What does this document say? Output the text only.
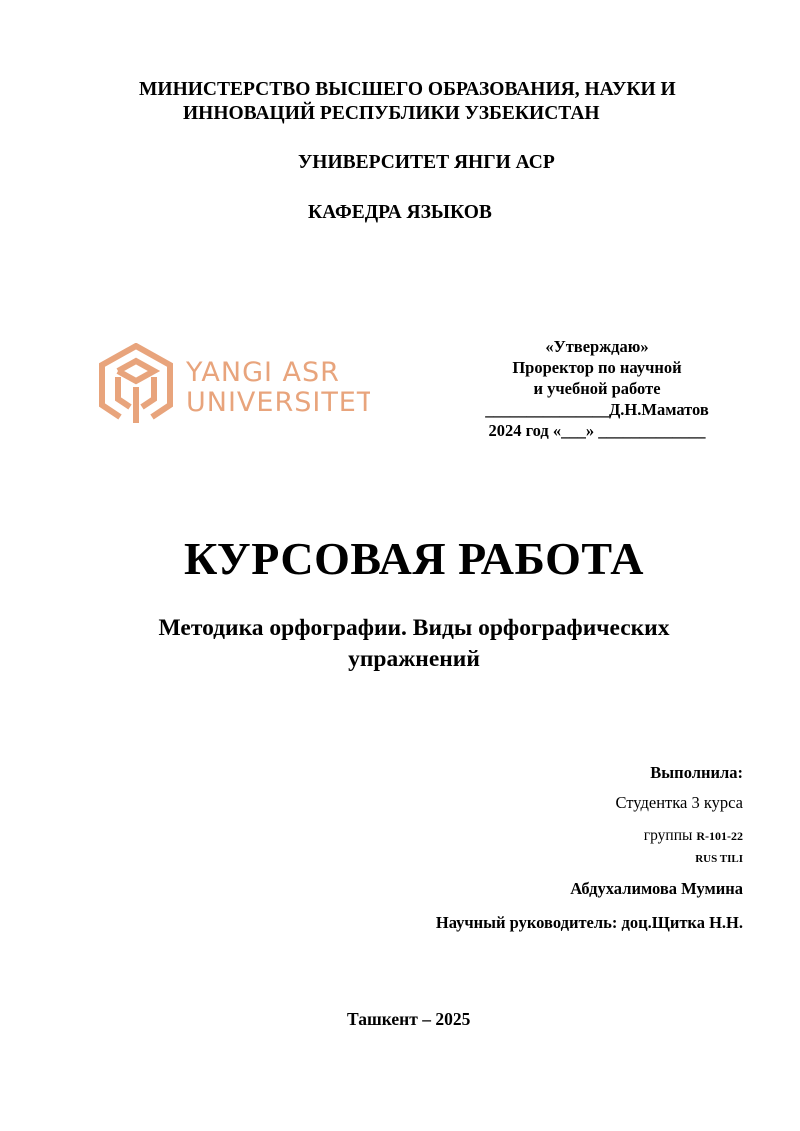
МИНИСТЕРСТВО ВЫСШЕГО ОБРАЗОВАНИЯ, НАУКИ И
ИННОВАЦИЙ РЕСПУБЛИКИ УЗБЕКИСТАН
УНИВЕРСИТЕТ ЯНГИ АСР
КАФЕДРА ЯЗЫКОВ
YANGI ASR
UNIVERSITETI
«Утверждаю»
Проректор по научной
и учебной работе
_______________Д.Н.Маматов
2024 год «___» _____________
КУРСОВАЯ РАБОТА
Методика орфографии. Виды орфографических
упражнений
Выполнила:
Студентка 3 курса
группы R-101-22
RUS TILI
Абдухалимова Мумина
Научный руководитель: доц.Щитка Н.Н.
Ташкент – 2025
